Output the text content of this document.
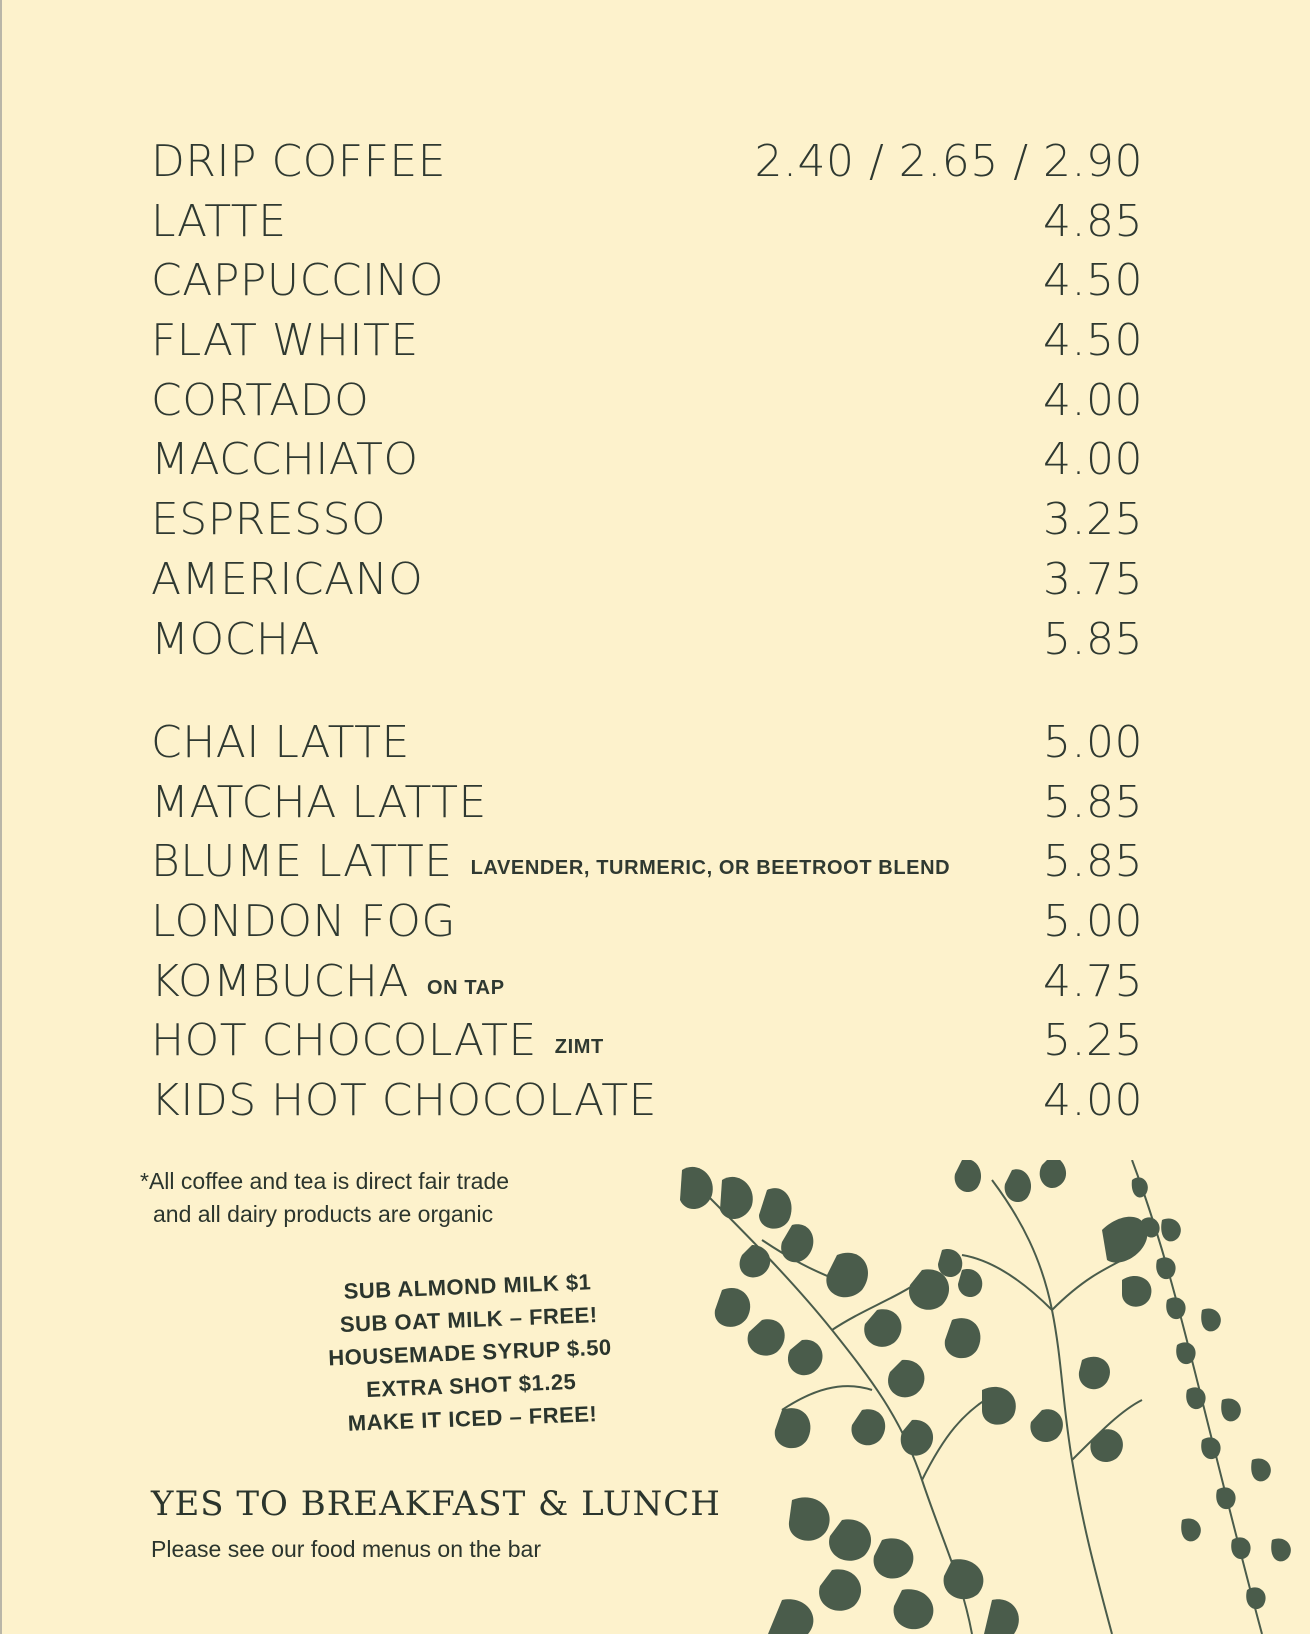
DRIP COFFEE	2.40 / 2.65 / 2.90
LATTE	4.85
CAPPUCCINO	4.50
FLAT WHITE	4.50
CORTADO	4.00
MACCHIATO	4.00
ESPRESSO	3.25
AMERICANO	3.75
MOCHA	5.85
CHAI LATTE	5.00
MATCHA LATTE	5.85
BLUME LATTE LAVENDER, TURMERIC, OR BEETROOT BLEND 5.85
LONDON FOG	5.00
KOMBUCHA ON TAP	4.75
HOT CHOCOLATE ZIMT	5.25
KIDS HOT CHOCOLATE	4.00
*All coffee and tea is direct fair trade
and all dairy products are organic
SUB ALMOND MILK $1
SUB OAT MILK – FREE!
HOUSEMADE SYRUP $.50
EXTRA SHOT $1.25
MAKE IT ICED – FREE!
YES TO BREAKFAST & LUNCH
Please see our food menus on the bar
